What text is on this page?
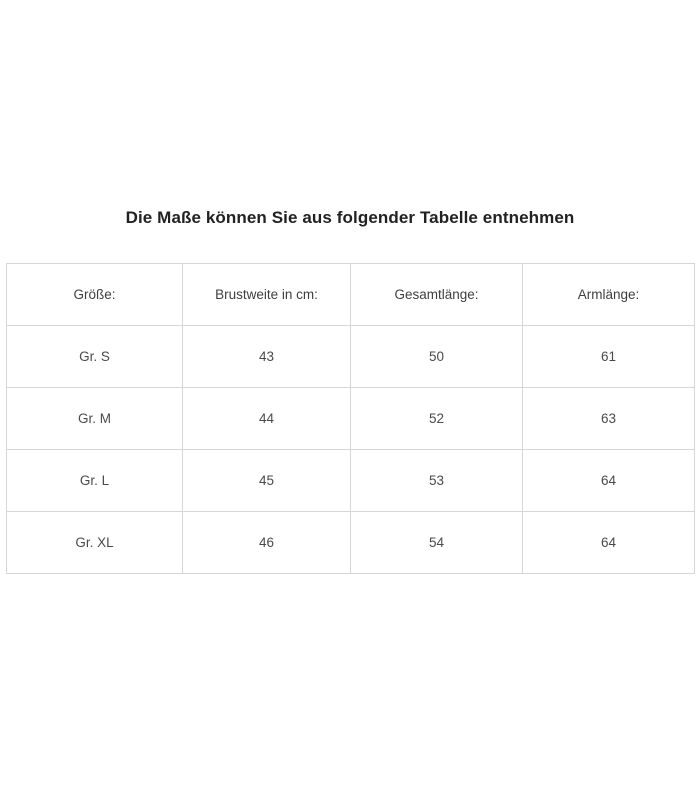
Die Maße können Sie aus folgender Tabelle entnehmen
Größe:	Brustweite in cm:	Gesamtlänge:	Armlänge:
Gr. S	43	50	61
Gr. M	44	52	63
Gr. L	45	53	64
Gr. XL	46	54	64
